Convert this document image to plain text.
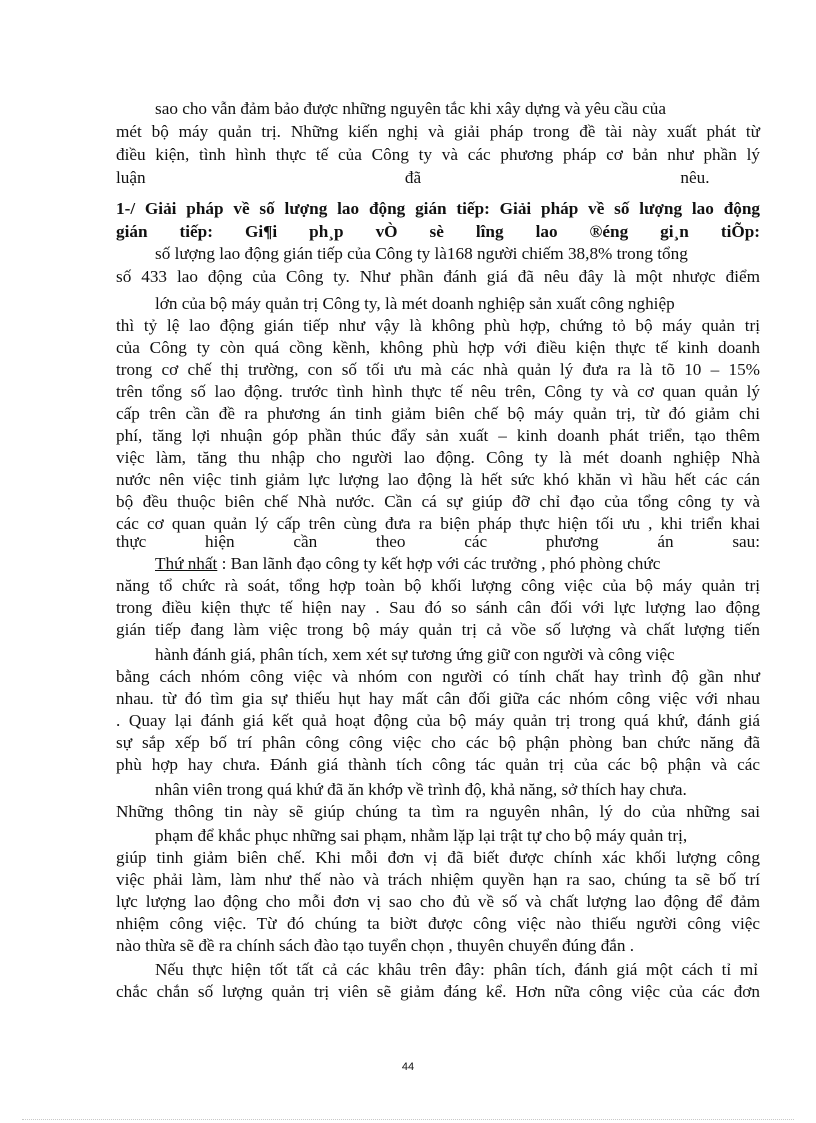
sao cho vẫn đảm bảo được những nguyên tắc khi xây dựng và yêu cầu của
mét bộ máy quản trị. Những kiến nghị và giải pháp trong đề tài này xuất phát từ
điều kiện, tình hình thực tế của Công ty và các phương pháp cơ bản như phần lý
luận đã nêu.
1-/ Giải pháp về số lượng lao động gián tiếp: Giải pháp về số lượng lao động
gián tiếp: Gi¶i ph¸p vÒ sè lîng lao ®éng gi¸n tiÕp:
số lượng lao động gián tiếp của Công ty là168 người chiếm 38,8% trong tổng
số 433 lao động của Công ty. Như phần đánh giá đã nêu đây là một nhược điểm
lớn của bộ máy quản trị Công ty, là mét doanh nghiệp sản xuất công nghiệp
thì tỷ lệ lao động gián tiếp như vậy là không phù hợp, chứng tỏ bộ máy quản trị
của Công ty còn quá cồng kềnh, không phù hợp với điều kiện thực tế kinh doanh
trong cơ chế thị trường, con số tối ưu mà các nhà quản lý đưa ra là tõ 10 – 15%
trên tổng số lao động. trước tình hình thực tế nêu trên, Công ty và cơ quan quản lý
cấp trên cần đề ra phương án tinh giảm biên chế bộ máy quản trị, từ đó giảm chi
phí, tăng lợi nhuận góp phần thúc đẩy sản xuất – kinh doanh phát triển, tạo thêm
việc làm, tăng thu nhập cho người lao động. Công ty là mét doanh nghiệp Nhà
nước nên việc tinh giảm lực lượng lao động là hết sức khó khăn vì hầu hết các cán
bộ đều thuộc biên chế Nhà nước. Cần cá sự giúp đỡ chỉ đạo của tổng công ty và
các cơ quan quản lý cấp trên cùng đưa ra biện pháp thực hiện tối ưu , khi triển khai
thực hiện cần theo các phương án sau:
Thứ nhất : Ban lãnh đạo công ty kết hợp với các trưởng , phó phòng chức
năng tổ chức rà soát, tổng hợp toàn bộ khối lượng công việc của bộ máy quản trị
trong điều kiện thực tế hiện nay . Sau đó so sánh cân đối với lực lượng lao động
gián tiếp đang làm việc trong bộ máy quản trị cả vồe số lượng và chất lượng tiến
hành đánh giá, phân tích, xem xét sự tương ứng giữ con người và công việc
bằng cách nhóm công việc và nhóm con người có tính chất hay trình độ gần như
nhau. từ đó tìm gia sự thiếu hụt hay mất cân đối giữa các nhóm công việc với nhau
. Quay lại đánh giá kết quả hoạt động của bộ máy quản trị trong quá khứ, đánh giá
sự sắp xếp bố trí phân công công việc cho các bộ phận phòng ban chức năng đã
phù hợp hay chưa. Đánh giá thành tích công tác quản trị của các bộ phận và các
nhân viên trong quá khứ đã ăn khớp về trình độ, khả năng, sở thích hay chưa.
Những thông tin này sẽ giúp chúng ta tìm ra nguyên nhân, lý do của những sai
phạm để khắc phục những sai phạm, nhằm lặp lại trật tự cho bộ máy quản trị,
giúp tinh giảm biên chế. Khi mỗi đơn vị đã biết được chính xác khối lượng công
việc phải làm, làm như thế nào và trách nhiệm quyền hạn ra sao, chúng ta sẽ bố trí
lực lượng lao động cho mỗi đơn vị sao cho đủ về số và chất lượng lao động để đảm
nhiệm công việc. Từ đó chúng ta biờt được công việc nào thiếu người công việc
nào thừa sẽ đề ra chính sách đào tạo tuyển chọn , thuyên chuyển đúng đắn .
Nếu thực hiện tốt tất cả các khâu trên đây: phân tích, đánh giá một cách tỉ mỉ
chắc chắn số lượng quản trị viên sẽ giảm đáng kể. Hơn nữa công việc của các đơn
44
